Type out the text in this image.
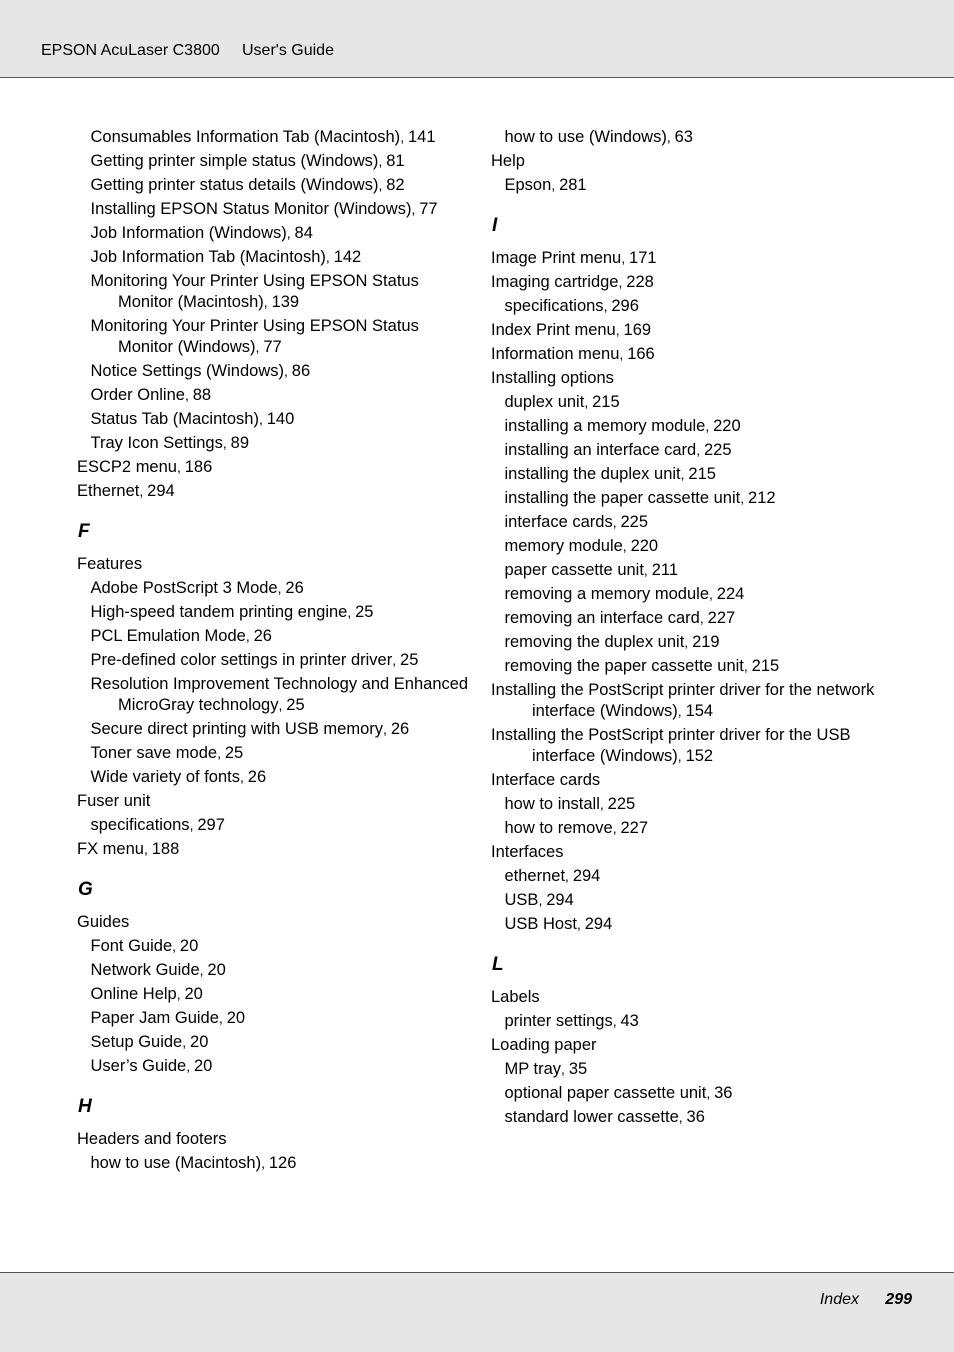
EPSON AcuLaser C3800 User's Guide
Consumables Information Tab (Macintosh) , 141
Getting printer simple status (Windows) , 81
Getting printer status details (Windows) , 82
Installing EPSON Status Monitor (Windows) , 77
Job Information (Windows) , 84
Job Information Tab (Macintosh) , 142
Monitoring Your Printer Using EPSON Status Monitor (Macintosh) , 139
Monitoring Your Printer Using EPSON Status Monitor (Windows) , 77
Notice Settings (Windows) , 86
Order Online , 88
Status Tab (Macintosh) , 140
Tray Icon Settings , 89
ESCP2 menu , 186
Ethernet , 294
F
Features
Adobe PostScript 3 Mode , 26
High-speed tandem printing engine , 25
PCL Emulation Mode , 26
Pre-defined color settings in printer driver , 25
Resolution Improvement Technology and Enhanced MicroGray technology , 25
Secure direct printing with USB memory , 26
Toner save mode , 25
Wide variety of fonts , 26
Fuser unit
specifications , 297
FX menu , 188
G
Guides
Font Guide , 20
Network Guide , 20
Online Help , 20
Paper Jam Guide , 20
Setup Guide , 20
User’s Guide , 20
H
Headers and footers
how to use (Macintosh) , 126
how to use (Windows) , 63
Help
Epson , 281
I
Image Print menu , 171
Imaging cartridge , 228
specifications , 296
Index Print menu , 169
Information menu , 166
Installing options
duplex unit , 215
installing a memory module , 220
installing an interface card , 225
installing the duplex unit , 215
installing the paper cassette unit , 212
interface cards , 225
memory module , 220
paper cassette unit , 211
removing a memory module , 224
removing an interface card , 227
removing the duplex unit , 219
removing the paper cassette unit , 215
Installing the PostScript printer driver for the network interface (Windows) , 154
Installing the PostScript printer driver for the USB interface (Windows) , 152
Interface cards
how to install , 225
how to remove , 227
Interfaces
ethernet , 294
USB , 294
USB Host , 294
L
Labels
printer settings , 43
Loading paper
MP tray , 35
optional paper cassette unit , 36
standard lower cassette , 36
Index 299
